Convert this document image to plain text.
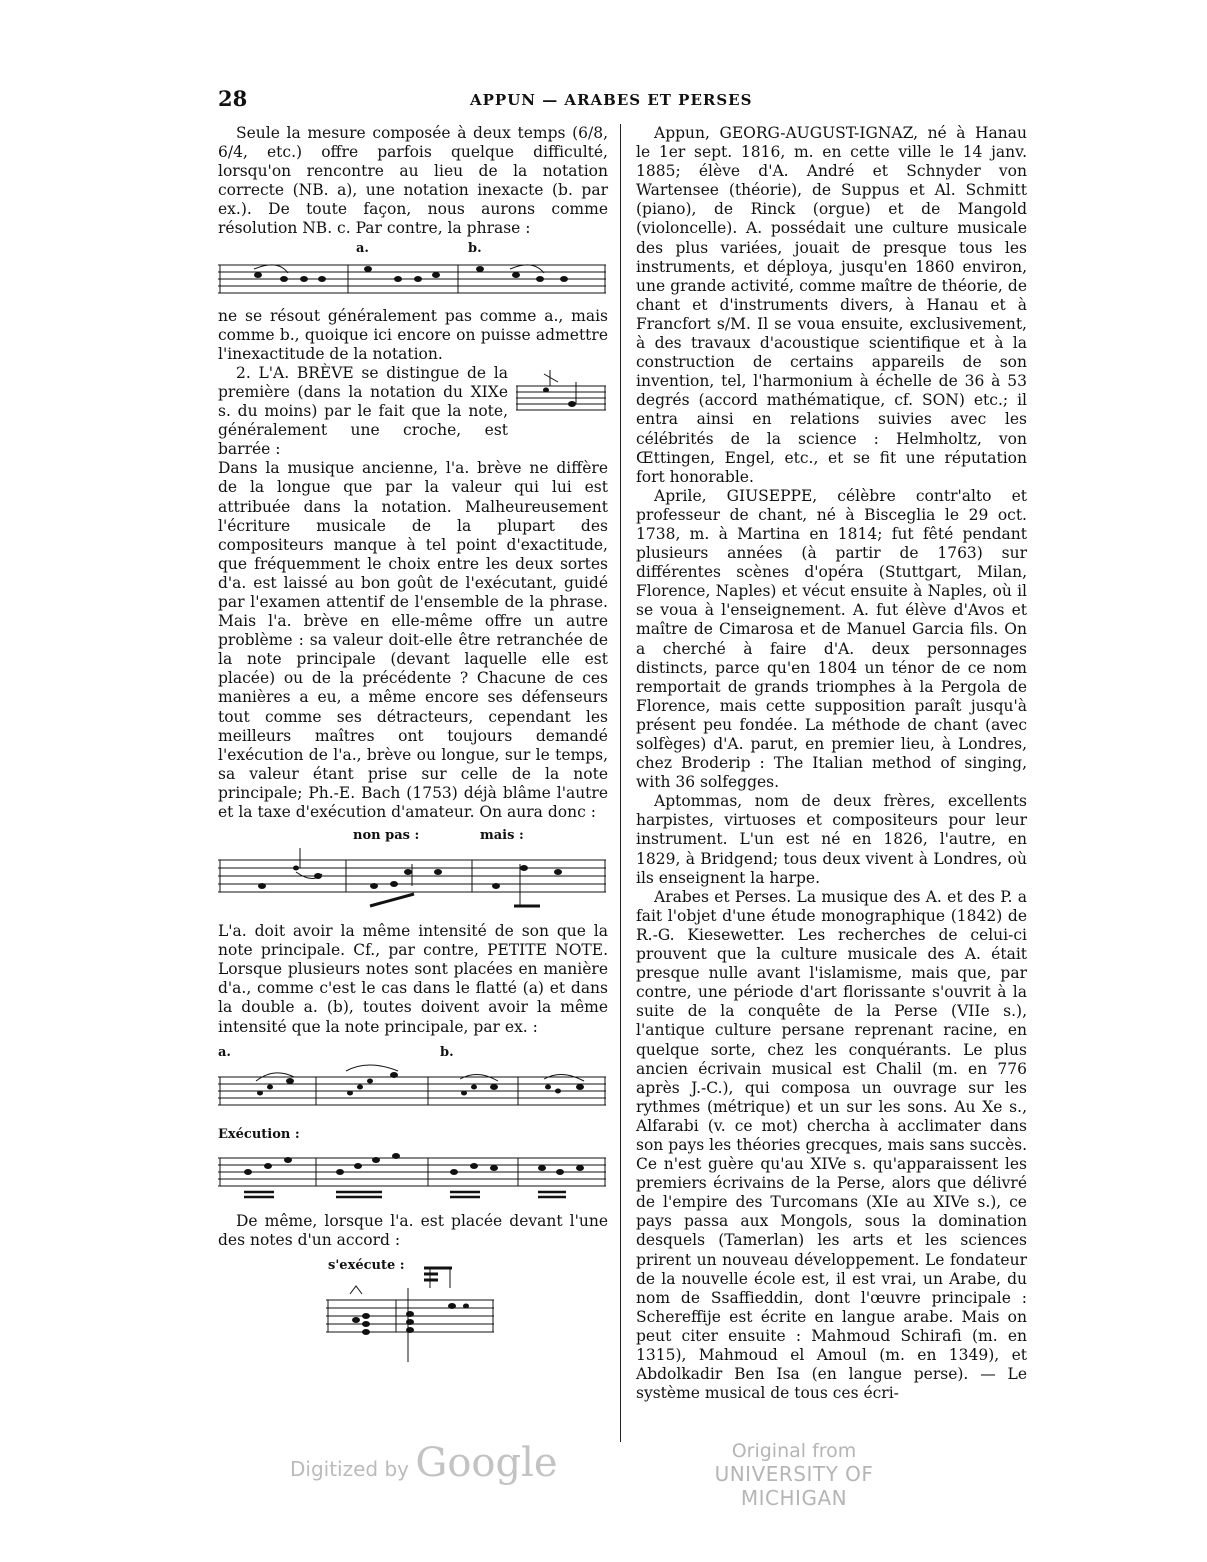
28	APPUN — ARABES ET PERSES

Seule la mesure composée à deux temps (6/8, 6/4, etc.) offre parfois quelque difficulté, lorsqu'on rencontre au lieu de la notation correcte (NB. a), une notation inexacte (b. par ex.). De toute façon, nous aurons comme résolution NB. c. Par contre, la phrase :

a.	b.

ne se résout généralement pas comme a., mais comme b., quoique ici encore on puisse admettre l'inexactitude de la notation.

2. L'A. BRÈVE se distingue de la première (dans la notation du XIXe s. du moins) par le fait que la note, généralement une croche, est barrée :

Dans la musique ancienne, l'a. brève ne diffère de la longue que par la valeur qui lui est attribuée dans la notation. Malheureusement l'écriture musicale de la plupart des compositeurs manque à tel point d'exactitude, que fréquemment le choix entre les deux sortes d'a. est laissé au bon goût de l'exécutant, guidé par l'examen attentif de l'ensemble de la phrase. Mais l'a. brève en elle-même offre un autre problème : sa valeur doit-elle être retranchée de la note principale (devant laquelle elle est placée) ou de la précédente ? Chacune de ces manières a eu, a même encore ses défenseurs tout comme ses détracteurs, cependant les meilleurs maîtres ont toujours demandé l'exécution de l'a., brève ou longue, sur le temps, sa valeur étant prise sur celle de la note principale; Ph.-E. Bach (1753) déjà blâme l'autre et la taxe d'exécution d'amateur. On aura donc :

non pas :	mais :

L'a. doit avoir la même intensité de son que la note principale. Cf., par contre, PETITE NOTE. Lorsque plusieurs notes sont placées en manière d'a., comme c'est le cas dans le flatté (a) et dans la double a. (b), toutes doivent avoir la même intensité que la note principale, par ex. :

a.	b.
Exécution :

De même, lorsque l'a. est placée devant l'une des notes d'un accord :

s'exécute :

Appun, GEORG-AUGUST-IGNAZ, né à Hanau le 1er sept. 1816, m. en cette ville le 14 janv. 1885; élève d'A. André et Schnyder von Wartensee (théorie), de Suppus et Al. Schmitt (piano), de Rinck (orgue) et de Mangold (violoncelle). A. possédait une culture musicale des plus variées, jouait de presque tous les instruments, et déploya, jusqu'en 1860 environ, une grande activité, comme maître de théorie, de chant et d'instruments divers, à Hanau et à Francfort s/M. Il se voua ensuite, exclusivement, à des travaux d'acoustique scientifique et à la construction de certains appareils de son invention, tel, l'harmonium à échelle de 36 à 53 degrés (accord mathématique, cf. SON) etc.; il entra ainsi en relations suivies avec les célébrités de la science : Helmholtz, von Œttingen, Engel, etc., et se fit une réputation fort honorable.

Aprile, GIUSEPPE, célèbre contr'alto et professeur de chant, né à Bisceglia le 29 oct. 1738, m. à Martina en 1814; fut fêté pendant plusieurs années (à partir de 1763) sur différentes scènes d'opéra (Stuttgart, Milan, Florence, Naples) et vécut ensuite à Naples, où il se voua à l'enseignement. A. fut élève d'Avos et maître de Cimarosa et de Manuel Garcia fils. On a cherché à faire d'A. deux personnages distincts, parce qu'en 1804 un ténor de ce nom remportait de grands triomphes à la Pergola de Florence, mais cette supposition paraît jusqu'à présent peu fondée. La méthode de chant (avec solfèges) d'A. parut, en premier lieu, à Londres, chez Broderip : The Italian method of singing, with 36 solfegges.

Aptommas, nom de deux frères, excellents harpistes, virtuoses et compositeurs pour leur instrument. L'un est né en 1826, l'autre, en 1829, à Bridgend; tous deux vivent à Londres, où ils enseignent la harpe.

Arabes et Perses. La musique des A. et des P. a fait l'objet d'une étude monographique (1842) de R.-G. Kiesewetter. Les recherches de celui-ci prouvent que la culture musicale des A. était presque nulle avant l'islamisme, mais que, par contre, une période d'art florissante s'ouvrit à la suite de la conquête de la Perse (VIIe s.), l'antique culture persane reprenant racine, en quelque sorte, chez les conquérants. Le plus ancien écrivain musical est Chalil (m. en 776 après J.-C.), qui composa un ouvrage sur les rythmes (métrique) et un sur les sons. Au Xe s., Alfarabi (v. ce mot) chercha à acclimater dans son pays les théories grecques, mais sans succès. Ce n'est guère qu'au XIVe s. qu'apparaissent les premiers écrivains de la Perse, alors que délivré de l'empire des Turcomans (XIe au XIVe s.), ce pays passa aux Mongols, sous la domination desquels (Tamerlan) les arts et les sciences prirent un nouveau développement. Le fondateur de la nouvelle école est, il est vrai, un Arabe, du nom de Ssaffieddin, dont l'œuvre principale : Schereffije est écrite en langue arabe. Mais on peut citer ensuite : Mahmoud Schirafi (m. en 1315), Mahmoud el Amoul (m. en 1349), et Abdolkadir Ben Isa (en langue perse). — Le système musical de tous ces écri-

Digitized by Google	Original from
UNIVERSITY OF MICHIGAN
